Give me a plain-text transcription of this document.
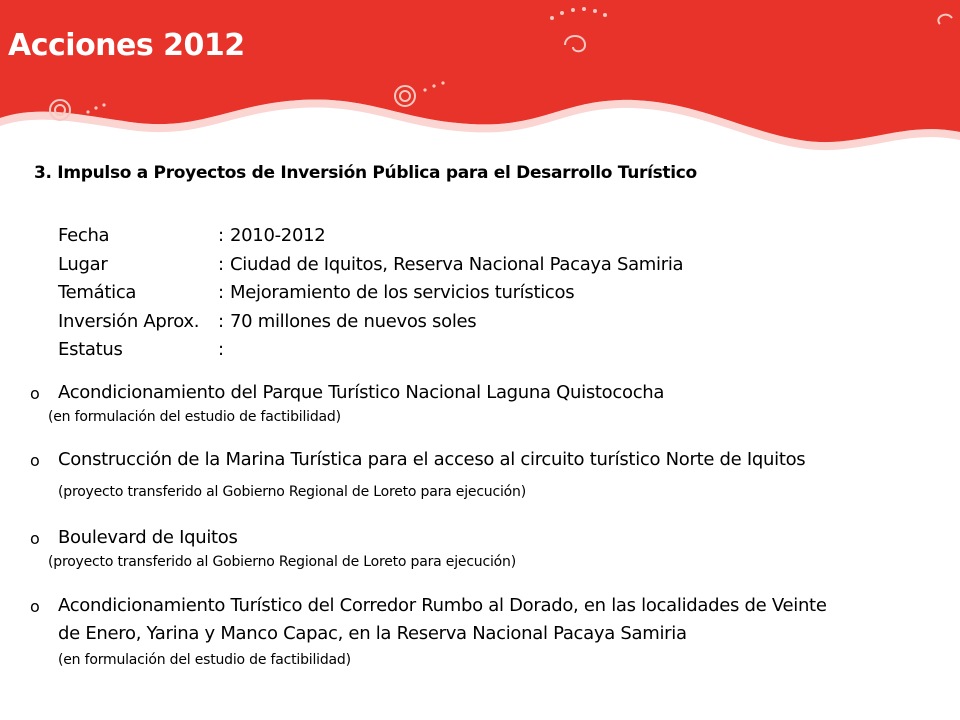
Acciones 2012
3. Impulso a Proyectos de Inversión Pública para el Desarrollo Turístico
Fecha	: 2010-2012
Lugar	: Ciudad de Iquitos, Reserva Nacional Pacaya Samiria
Temática	: Mejoramiento de los servicios turísticos
Inversión Aprox.	: 70 millones de nuevos soles
Estatus	:
o	Acondicionamiento del Parque Turístico Nacional Laguna Quistococha
(en formulación del estudio de factibilidad)
o	Construcción de la Marina Turística para el acceso al circuito turístico Norte de Iquitos
(proyecto transferido al Gobierno Regional de Loreto para ejecución)
o	Boulevard de Iquitos
(proyecto transferido al Gobierno Regional de Loreto para ejecución)
o	Acondicionamiento Turístico del Corredor Rumbo al Dorado, en las localidades de Veinte
de Enero, Yarina y Manco Capac, en la Reserva Nacional Pacaya Samiria
(en formulación del estudio de factibilidad)
